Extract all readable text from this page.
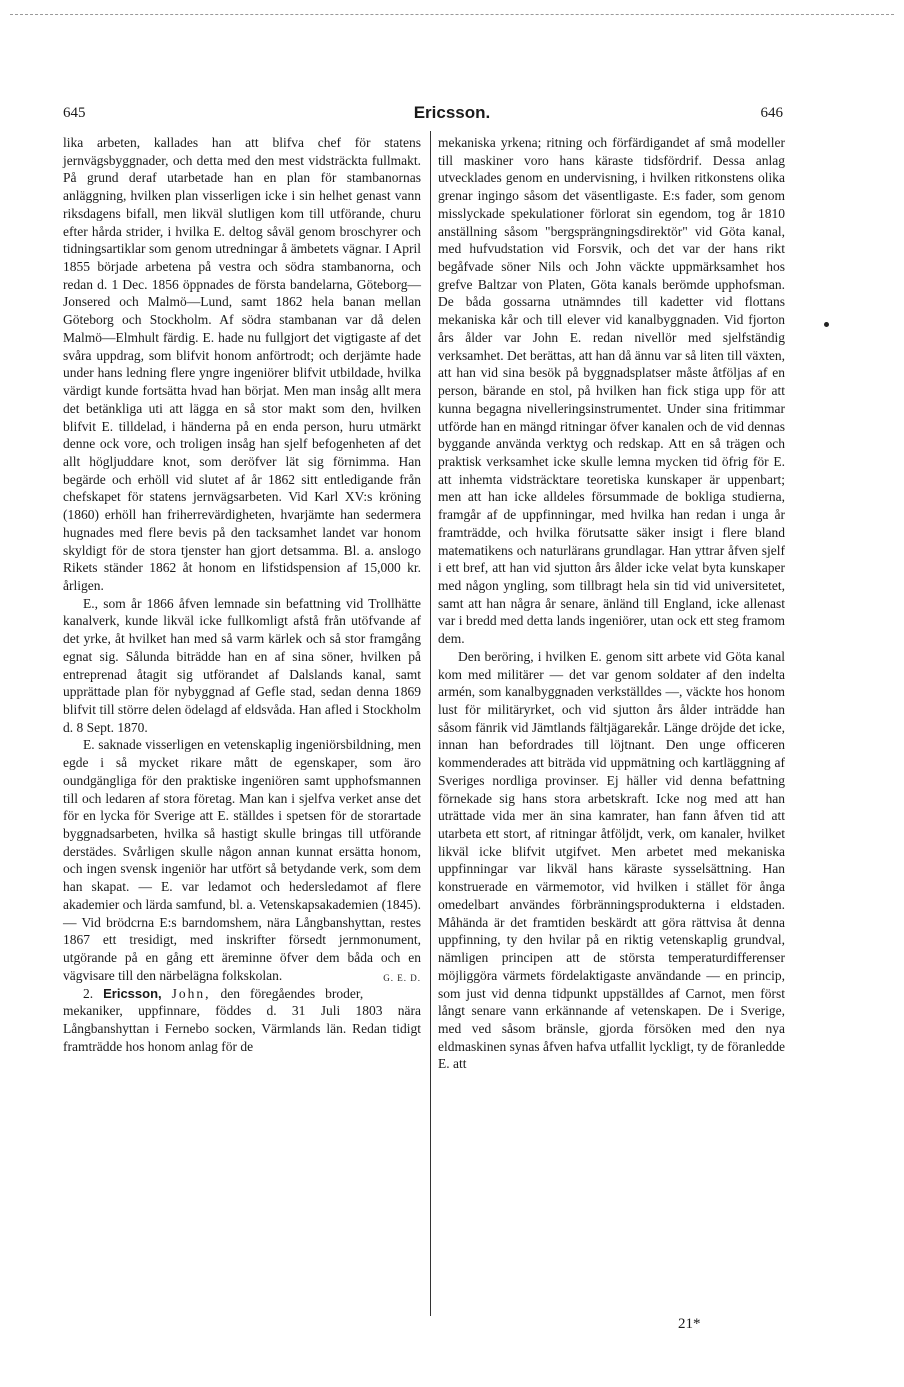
645	Ericsson.	646

lika arbeten, kallades han att blifva chef för statens jernvägsbyggnader, och detta med den mest vidsträckta fullmakt. På grund deraf utarbetade han en plan för stambanornas anläggning, hvilken plan visserligen icke i sin helhet genast vann riksdagens bifall, men likväl slutligen kom till utförande, churu efter hårda strider, i hvilka E. deltog såväl genom broschyrer och tidningsartiklar som genom utredningar å ämbetets vägnar. I April 1855 började arbetena på vestra och södra stambanorna, och redan d. 1 Dec. 1856 öppnades de första bandelarna, Göteborg—Jonsered och Malmö—Lund, samt 1862 hela banan mellan Göteborg och Stockholm. Af södra stambanan var då delen Malmö—Elmhult färdig. E. hade nu fullgjort det vigtigaste af det svåra uppdrag, som blifvit honom anförtrodt; och derjämte hade under hans ledning flere yngre ingeniörer blifvit utbildade, hvilka värdigt kunde fortsätta hvad han börjat. Men man insåg allt mera det betänkliga uti att lägga en så stor makt som den, hvilken blifvit E. tilldelad, i händerna på en enda person, huru utmärkt denne ock vore, och troligen insåg han sjelf befogenheten af det allt högljuddare knot, som deröfver lät sig förnimma. Han begärde och erhöll vid slutet af år 1862 sitt entledigande från chefskapet för statens jernvägsarbeten. Vid Karl XV:s kröning (1860) erhöll han friherrevärdigheten, hvarjämte han sedermera hugnades med flere bevis på den tacksamhet landet var honom skyldigt för de stora tjenster han gjort detsamma. Bl. a. anslogo Rikets ständer 1862 åt honom en lifstidspension af 15,000 kr. årligen.

E., som år 1866 åfven lemnade sin befattning vid Trollhätte kanalverk, kunde likväl icke fullkomligt afstå från utöfvande af det yrke, åt hvilket han med så varm kärlek och så stor framgång egnat sig. Sålunda biträdde han en af sina söner, hvilken på entreprenad åtagit sig utförandet af Dalslands kanal, samt upprättade plan för nybyggnad af Gefle stad, sedan denna 1869 blifvit till större delen ödelagd af eldsvåda. Han afled i Stockholm d. 8 Sept. 1870.

E. saknade visserligen en vetenskaplig ingeniörsbildning, men egde i så mycket rikare mått de egenskaper, som äro oundgängliga för den praktiske ingeniören samt upphofsmannen till och ledaren af stora företag. Man kan i sjelfva verket anse det för en lycka för Sverige att E. ställdes i spetsen för de storartade byggnadsarbeten, hvilka så hastigt skulle bringas till utförande derstädes. Svårligen skulle någon annan kunnat ersätta honom, och ingen svensk ingeniör har utfört så betydande verk, som dem han skapat. — E. var ledamot och hedersledamot af flere akademier och lärda samfund, bl. a. Vetenskapsakademien (1845). — Vid brödcrna E:s barndomshem, nära Långbanshyttan, restes 1867 ett tresidigt, med inskrifter försedt jernmonument, utgörande på en gång ett äreminne öfver dem båda och en vägvisare till den närbelägna folkskolan.	G. E. D.

2. Ericsson, John, den föregåendes broder, mekaniker, uppfinnare, föddes d. 31 Juli 1803 nära Långbanshyttan i Fernebo socken, Värmlands län. Redan tidigt framträdde hos honom anlag för de

mekaniska yrkena; ritning och förfärdigandet af små modeller till maskiner voro hans käraste tidsfördrif. Dessa anlag utvecklades genom en undervisning, i hvilken ritkonstens olika grenar ingingo såsom det väsentligaste. E:s fader, som genom misslyckade spekulationer förlorat sin egendom, tog år 1810 anställning såsom "bergsprängningsdirektör" vid Göta kanal, med hufvudstation vid Forsvik, och det var der hans rikt begåfvade söner Nils och John väckte uppmärksamhet hos grefve Baltzar von Platen, Göta kanals berömde upphofsman. De båda gossarna utnämndes till kadetter vid flottans mekaniska kår och till elever vid kanalbyggnaden. Vid fjorton års ålder var John E. redan nivellör med sjelfständig verksamhet. Det berättas, att han då ännu var så liten till växten, att han vid sina besök på byggnadsplatser måste åtföljas af en person, bärande en stol, på hvilken han fick stiga upp för att kunna begagna nivelleringsinstrumentet. Under sina fritimmar utförde han en mängd ritningar öfver kanalen och de vid dennas byggande använda verktyg och redskap. Att en så trägen och praktisk verksamhet icke skulle lemna mycken tid öfrig för E. att inhemta vidsträcktare teoretiska kunskaper är uppenbart; men att han icke alldeles försummade de bokliga studierna, framgår af de uppfinningar, med hvilka han redan i unga år framträdde, och hvilka förutsatte säker insigt i flere bland matematikens och naturlärans grundlagar. Han yttrar åfven sjelf i ett bref, att han vid sjutton års ålder icke velat byta kunskaper med någon yngling, som tillbragt hela sin tid vid universitetet, samt att han några år senare, änländ till England, icke allenast var i bredd med detta lands ingeniörer, utan ock ett steg framom dem.

Den beröring, i hvilken E. genom sitt arbete vid Göta kanal kom med militärer — det var genom soldater af den indelta armén, som kanalbyggnaden verkställdes —, väckte hos honom lust för militäryrket, och vid sjutton års ålder inträdde han såsom fänrik vid Jämtlands fältjägarekår. Länge dröjde det icke, innan han befordrades till löjtnant. Den unge officeren kommenderades att biträda vid uppmätning och kartläggning af Sveriges nordliga provinser. Ej häller vid denna befattning förnekade sig hans stora arbetskraft. Icke nog med att han uträttade vida mer än sina kamrater, han fann åfven tid att utarbeta ett stort, af ritningar åtföljdt, verk, om kanaler, hvilket likväl icke blifvit utgifvet. Men arbetet med mekaniska uppfinningar var likväl hans käraste sysselsättning. Han konstruerade en värmemotor, vid hvilken i stället för ånga omedelbart användes förbränningsprodukterna i eldstaden. Måhända är det framtiden beskärdt att göra rättvisa åt denna uppfinning, ty den hvilar på en riktig vetenskaplig grundval, nämligen principen att de största temperaturdifferenser möjliggöra värmets fördelaktigaste användande — en princip, som just vid denna tidpunkt uppställdes af Carnot, men först långt senare vann erkännande af vetenskapen. De i Sverige, med ved såsom bränsle, gjorda försöken med den nya eldmaskinen synas åfven hafva utfallit lyckligt, ty de föranledde E. att

21*
